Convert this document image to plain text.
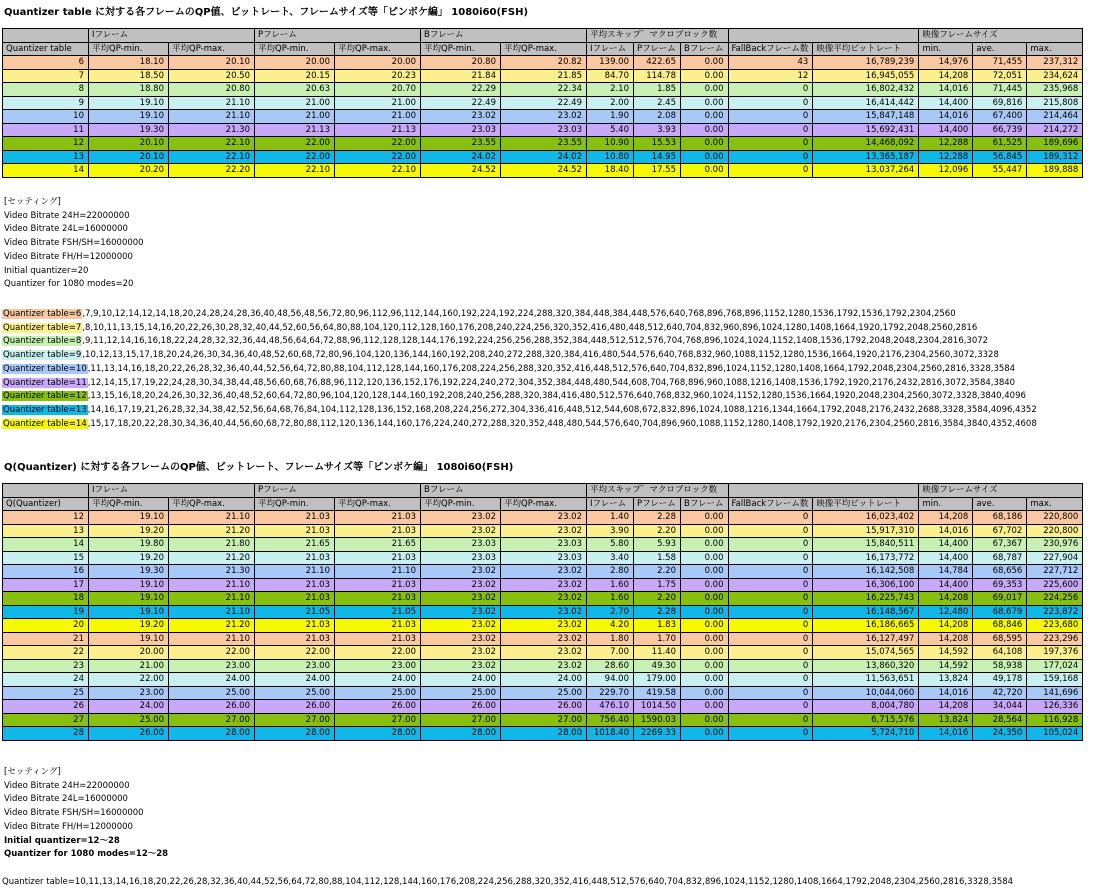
Quantizer table に対する各フレームのQP値、ビットレート、フレームサイズ等「ピンボケ編」 1080i60(FSH)
	Iフレーム		Pフレーム		Bフレーム		平均スキップ゛マクロブロック数					映像フレームサイズ		
Quantizer table	平均QP-min.	平均QP-max.	平均QP-min.	平均QP-max.	平均QP-min.	平均QP-max.	Iフレーム	Pフレーム	Bフレーム	FallBackフレーム数	映像平均ビットレート	min.	ave.	max.
6	18.10	20.10	20.00	20.00	20.80	20.82	139.00	422.65	0.00	43	16,789,239	14,976	71,455	237,312
7	18.50	20.50	20.15	20.23	21.84	21.85	84.70	114.78	0.00	12	16,945,055	14,208	72,051	234,624
8	18.80	20.80	20.63	20.70	22.29	22.34	2.10	1.85	0.00	0	16,802,432	14,016	71,445	235,968
9	19.10	21.10	21.00	21.00	22.49	22.49	2.00	2.45	0.00	0	16,414,442	14,400	69,816	215,808
10	19.10	21.10	21.00	21.00	23.02	23.02	1.90	2.08	0.00	0	15,847,148	14,016	67,400	214,464
11	19.30	21.30	21.13	21.13	23.03	23.03	5.40	3.93	0.00	0	15,692,431	14,400	66,739	214,272
12	20.10	22.10	22.00	22.00	23.55	23.55	10.90	15.53	0.00	0	14,468,092	12,288	61,525	189,696
13	20.10	22.10	22.00	22.00	24.02	24.02	10.80	14.95	0.00	0	13,365,187	12,288	56,845	189,312
14	20.20	22.20	22.10	22.10	24.52	24.52	18.40	17.55	0.00	0	13,037,264	12,096	55,447	189,888
[セッティング]
Video Bitrate 24H=22000000
Video Bitrate 24L=16000000
Video Bitrate FSH/SH=16000000
Video Bitrate FH/H=12000000
Initial quantizer=20
Quantizer for 1080 modes=20
Quantizer table=6,7,9,10,12,14,12,14,18,20,24,28,24,28,36,40,48,56,48,56,72,80,96,112,96,112,144,160,192,224,192,224,288,320,384,448,384,448,576,640,768,896,768,896,1152,1280,1536,1792,1536,1792,2304,2560
Quantizer table=7,8,10,11,13,15,14,16,20,22,26,30,28,32,40,44,52,60,56,64,80,88,104,120,112,128,160,176,208,240,224,256,320,352,416,480,448,512,640,704,832,960,896,1024,1280,1408,1664,1920,1792,2048,2560,2816
Quantizer table=8,9,11,12,14,16,16,18,22,24,28,32,32,36,44,48,56,64,64,72,88,96,112,128,128,144,176,192,224,256,256,288,352,384,448,512,512,576,704,768,896,1024,1024,1152,1408,1536,1792,2048,2048,2304,2816,3072
Quantizer table=9,10,12,13,15,17,18,20,24,26,30,34,36,40,48,52,60,68,72,80,96,104,120,136,144,160,192,208,240,272,288,320,384,416,480,544,576,640,768,832,960,1088,1152,1280,1536,1664,1920,2176,2304,2560,3072,3328
Quantizer table=10,11,13,14,16,18,20,22,26,28,32,36,40,44,52,56,64,72,80,88,104,112,128,144,160,176,208,224,256,288,320,352,416,448,512,576,640,704,832,896,1024,1152,1280,1408,1664,1792,2048,2304,2560,2816,3328,3584
Quantizer table=11,12,14,15,17,19,22,24,28,30,34,38,44,48,56,60,68,76,88,96,112,120,136,152,176,192,224,240,272,304,352,384,448,480,544,608,704,768,896,960,1088,1216,1408,1536,1792,1920,2176,2432,2816,3072,3584,3840
Quantizer table=12,13,15,16,18,20,24,26,30,32,36,40,48,52,60,64,72,80,96,104,120,128,144,160,192,208,240,256,288,320,384,416,480,512,576,640,768,832,960,1024,1152,1280,1536,1664,1920,2048,2304,2560,3072,3328,3840,4096
Quantizer table=13,14,16,17,19,21,26,28,32,34,38,42,52,56,64,68,76,84,104,112,128,136,152,168,208,224,256,272,304,336,416,448,512,544,608,672,832,896,1024,1088,1216,1344,1664,1792,2048,2176,2432,2688,3328,3584,4096,4352
Quantizer table=14,15,17,18,20,22,28,30,34,36,40,44,56,60,68,72,80,88,112,120,136,144,160,176,224,240,272,288,320,352,448,480,544,576,640,704,896,960,1088,1152,1280,1408,1792,1920,2176,2304,2560,2816,3584,3840,4352,4608
Q(Quantizer) に対する各フレームのQP値、ビットレート、フレームサイズ等「ピンボケ編」 1080i60(FSH)
	Iフレーム		Pフレーム		Bフレーム		平均スキップ゛マクロブロック数					映像フレームサイズ		
Q(Quantizer)	平均QP-min.	平均QP-max.	平均QP-min.	平均QP-max.	平均QP-min.	平均QP-max.	Iフレーム	Pフレーム	Bフレーム	FallBackフレーム数	映像平均ビットレート	min.	ave.	max.
12	19.10	21.10	21.03	21.03	23.02	23.02	1.40	2.28	0.00	0	16,023,402	14,208	68,186	220,800
13	19.20	21.20	21.03	21.03	23.02	23.02	3.90	2.20	0.00	0	15,917,310	14,016	67,702	220,800
14	19.80	21.80	21.65	21.65	23.03	23.03	5.80	5.93	0.00	0	15,840,511	14,400	67,367	230,976
15	19.20	21.20	21.03	21.03	23.03	23.03	3.40	1.58	0.00	0	16,173,772	14,400	68,787	227,904
16	19.30	21.30	21.10	21.10	23.02	23.02	2.80	2.20	0.00	0	16,142,508	14,784	68,656	227,712
17	19.10	21.10	21.03	21.03	23.02	23.02	1.60	1.75	0.00	0	16,306,100	14,400	69,353	225,600
18	19.10	21.10	21.03	21.03	23.02	23.02	1.60	2.20	0.00	0	16,225,743	14,208	69,017	224,256
19	19.10	21.10	21.05	21.05	23.02	23.02	2.70	2.28	0.00	0	16,148,567	12,480	68,679	223,872
20	19.20	21.20	21.03	21.03	23.02	23.02	4.20	1.83	0.00	0	16,186,665	14,208	68,846	223,680
21	19.10	21.10	21.03	21.03	23.02	23.02	1.80	1.70	0.00	0	16,127,497	14,208	68,595	223,296
22	20.00	22.00	22.00	22.00	23.02	23.02	7.00	11.40	0.00	0	15,074,565	14,592	64,108	197,376
23	21.00	23.00	23.00	23.00	23.02	23.02	28.60	49.30	0.00	0	13,860,320	14,592	58,938	177,024
24	22.00	24.00	24.00	24.00	24.00	24.00	94.00	179.00	0.00	0	11,563,651	13,824	49,178	159,168
25	23.00	25.00	25.00	25.00	25.00	25.00	229.70	419.58	0.00	0	10,044,060	14,016	42,720	141,696
26	24.00	26.00	26.00	26.00	26.00	26.00	476.10	1014.50	0.00	0	8,004,780	14,208	34,044	126,336
27	25.00	27.00	27.00	27.00	27.00	27.00	756.40	1590.03	0.00	0	6,715,576	13,824	28,564	116,928
28	26.00	28.00	28.00	28.00	28.00	28.00	1018.40	2269.33	0.00	0	5,724,710	14,016	24,350	105,024
[セッティング]
Video Bitrate 24H=22000000
Video Bitrate 24L=16000000
Video Bitrate FSH/SH=16000000
Video Bitrate FH/H=12000000
Initial quantizer=12～28
Quantizer for 1080 modes=12～28
Quantizer table=10,11,13,14,16,18,20,22,26,28,32,36,40,44,52,56,64,72,80,88,104,112,128,144,160,176,208,224,256,288,320,352,416,448,512,576,640,704,832,896,1024,1152,1280,1408,1664,1792,2048,2304,2560,2816,3328,3584
